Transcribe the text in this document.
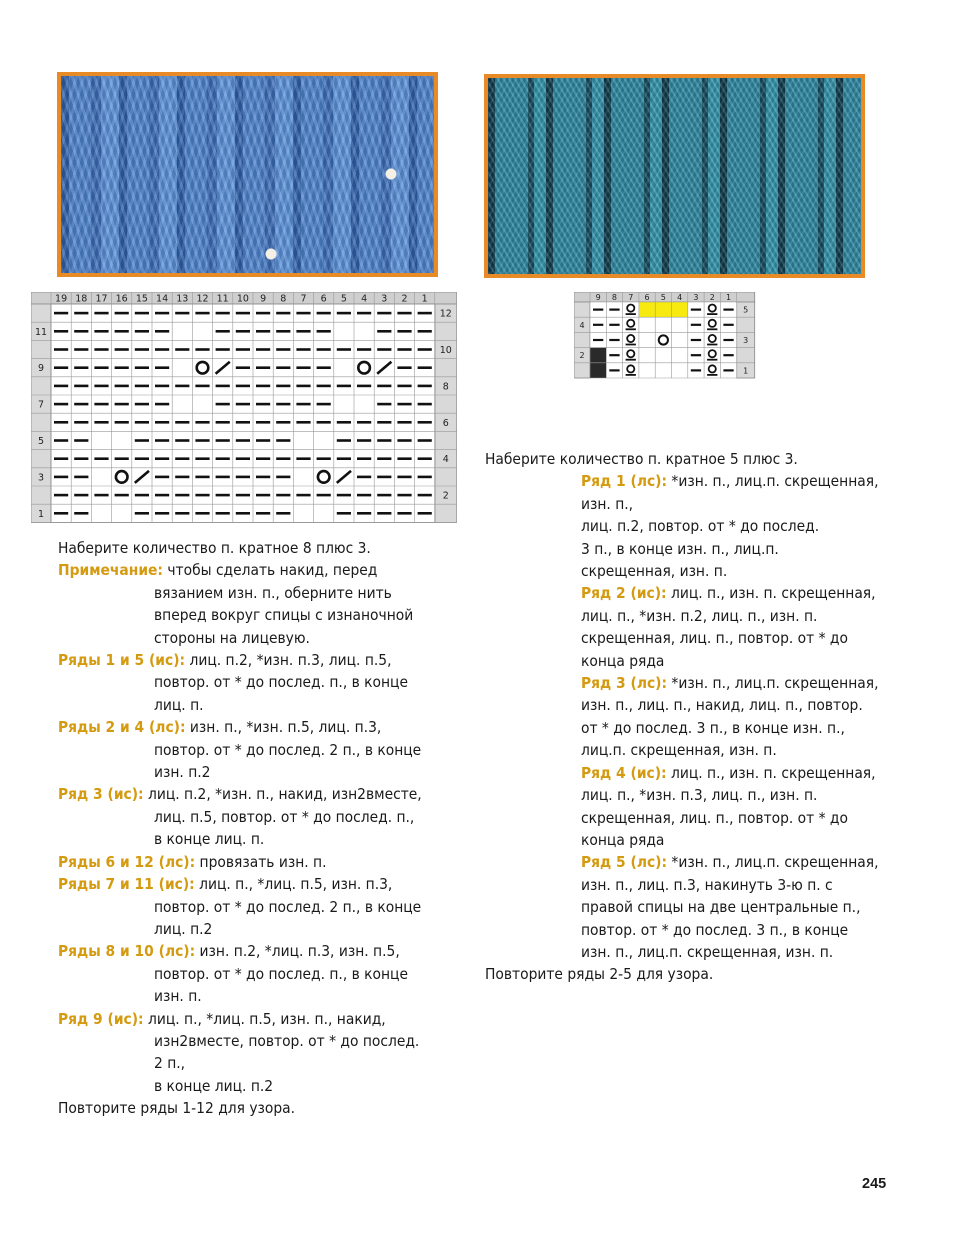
19 18 17 16 15 14 13 12 11 10 9 8 7 6 5 4 3 2 1
12
11
10
9
8
7
6
5
4
3
2
1
9 8 7 6 5 4 3 2 1
4
2
5
3
1
Наберите количество п. кратное 8 плюс 3.
Примечание: чтобы сделать накид, перед
вязанием изн. п., оберните нить
вперед вокруг спицы с изнаночной
стороны на лицевую.
Ряды 1 и 5 (ис): лиц. п.2, *изн. п.3, лиц. п.5,
повтор. от * до послед. п., в конце
лиц. п.
Ряды 2 и 4 (лс): изн. п., *изн. п.5, лиц. п.3,
повтор. от * до послед. 2 п., в конце
изн. п.2
Ряд 3 (ис): лиц. п.2, *изн. п., накид, изн2вместе,
лиц. п.5, повтор. от * до послед. п.,
в конце лиц. п.
Ряды 6 и 12 (лс): провязать изн. п.
Ряды 7 и 11 (ис): лиц. п., *лиц. п.5, изн. п.3,
повтор. от * до послед. 2 п., в конце
лиц. п.2
Ряды 8 и 10 (лс): изн. п.2, *лиц. п.3, изн. п.5,
повтор. от * до послед. п., в конце
изн. п.
Ряд 9 (ис): лиц. п., *лиц. п.5, изн. п., накид,
изн2вместе, повтор. от * до послед.
2 п.,
в конце лиц. п.2
Повторите ряды 1-12 для узора.
Наберите количество п. кратное 5 плюс 3.
Ряд 1 (лс): *изн. п., лиц.п. скрещенная, изн. п.,
лиц. п.2, повтор. от * до послед.
3 п., в конце изн. п., лиц.п.
скрещенная, изн. п.
Ряд 2 (ис): лиц. п., изн. п. скрещенная,
лиц. п., *изн. п.2, лиц. п., изн. п.
скрещенная, лиц. п., повтор. от * до
конца ряда
Ряд 3 (лс): *изн. п., лиц.п. скрещенная,
изн. п., лиц. п., накид, лиц. п., повтор.
от * до послед. 3 п., в конце изн. п.,
лиц.п. скрещенная, изн. п.
Ряд 4 (ис): лиц. п., изн. п. скрещенная,
лиц. п., *изн. п.3, лиц. п., изн. п.
скрещенная, лиц. п., повтор. от * до
конца ряда
Ряд 5 (лс): *изн. п., лиц.п. скрещенная,
изн. п., лиц. п.3, накинуть 3-ю п. с
правой спицы на две центральные п.,
повтор. от * до послед. 3 п., в конце
изн. п., лиц.п. скрещенная, изн. п.
Повторите ряды 2-5 для узора.
245
